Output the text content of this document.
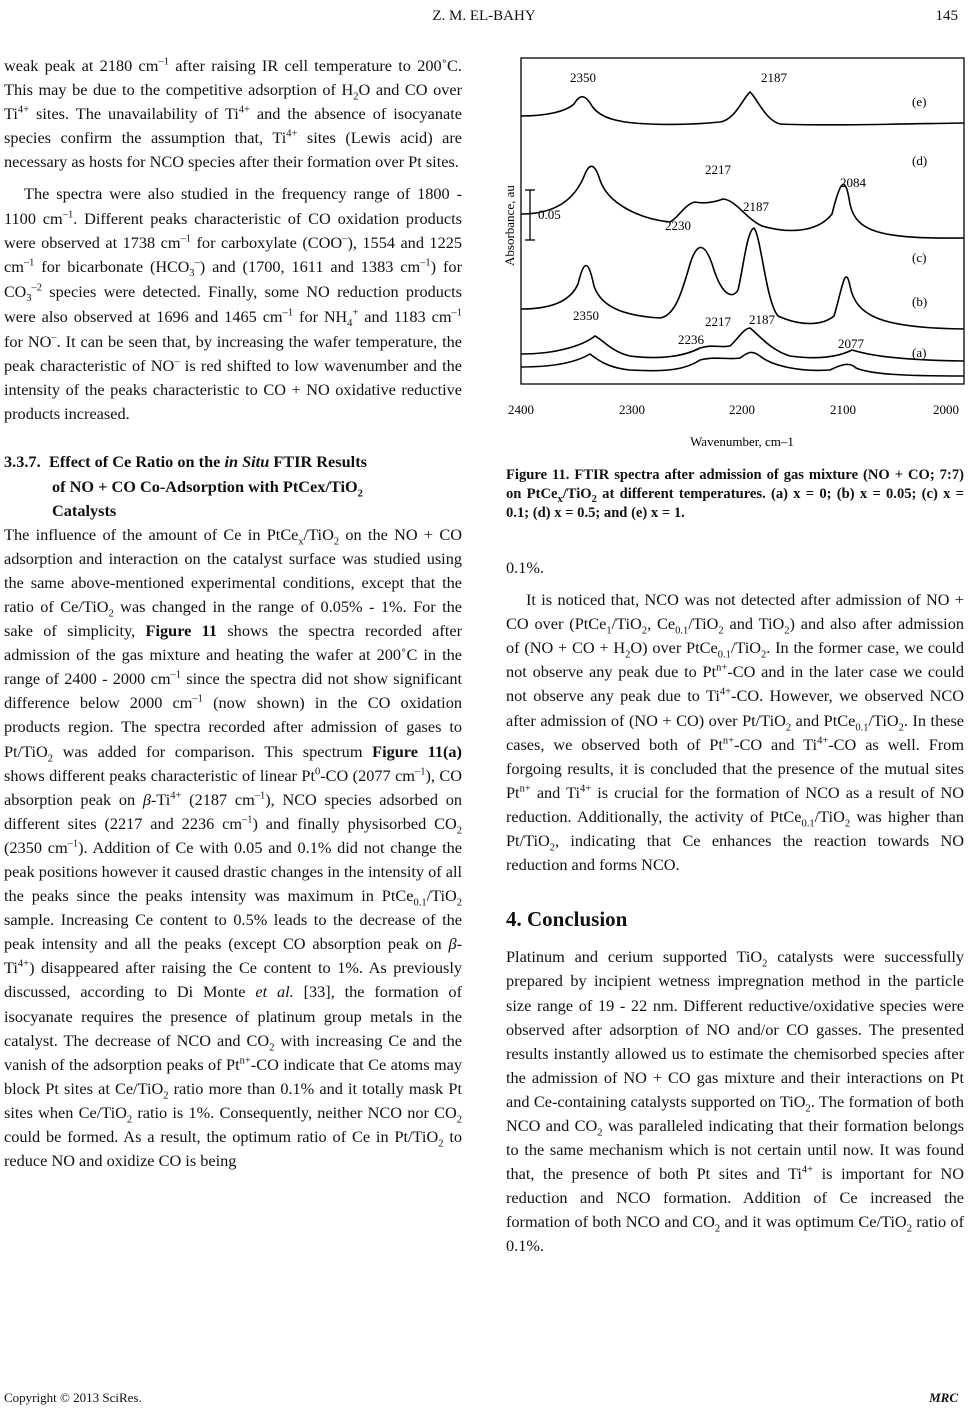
Z. M. EL-BAHY	145

weak peak at 2180 $cm^{-1}$ after raising IR cell temperature to 200˚C. This may be due to the competitive adsorption of $H_2O$ and CO over $Ti^{4+}$ sites. The unavailability of $Ti^{4+}$ and the absence of isocyanate species confirm the assumption that, $Ti^{4+}$ sites (Lewis acid) are necessary as hosts for NCO species after their formation over Pt sites.

The spectra were also studied in the frequency range of 1800 - 1100 $cm^{-1}$. Different peaks characteristic of CO oxidation products were observed at 1738 $cm^{-1}$ for carboxylate (COO–), 1554 and 1225 $cm^{-1}$ for bicarbonate $(HCO_3^-)$ and (1700, 1611 and 1383 $cm^{-1}$) for $CO_3^{-2}$ species were detected. Finally, some NO reduction products were also observed at 1696 and 1465 $cm^{-1}$ for $NH_4^+$ and 1183 $cm^{-1}$ for NO–. It can be seen that, by increasing the wafer temperature, the peak characteristic of NO– is red shifted to low wavenumber and the intensity of the peaks characteristic to CO + NO oxidative reductive products increased.

3.3.7. Effect of Ce Ratio on the in Situ FTIR Results
of NO + CO Co-Adsorption with PtCex/TiO$_2$
Catalysts

The influence of the amount of Ce in PtCe$_x$/TiO$_2$ on the NO + CO adsorption and interaction on the catalyst surface was studied using the same above-mentioned experimental conditions, except that the ratio of Ce/TiO$_2$ was changed in the range of 0.05% - 1%. For the sake of simplicity, Figure 11 shows the spectra recorded after admission of the gas mixture and heating the wafer at 200˚C in the range of 2400 - 2000 $cm^{-1}$ since the spectra did not show significant difference below 2000 $cm^{-1}$ (now shown) in the CO oxidation products region. The spectra recorded after admission of gases to Pt/TiO$_2$ was added for comparison. This spectrum Figure 11(a) shows different peaks characteristic of linear Pt$^0$-CO (2077 $cm^{-1}$), CO absorption peak on $\beta-Ti^{4+}$ (2187 $cm^{-1}$), NCO species adsorbed on different sites (2217 and 2236 $cm^{-1}$) and finally physisorbed $CO_2$ (2350 $cm^{-1}$). Addition of Ce with 0.05 and 0.1% did not change the peak positions however it caused drastic changes in the intensity of all the peaks since the peaks intensity was maximum in PtCe$_{0.1}$/TiO$_2$ sample. Increasing Ce content to 0.5% leads to the decrease of the peak intensity and all the peaks (except CO absorption peak on $\beta-Ti^{4+}$) disappeared after raising the Ce content to 1%. As previously discussed, according to Di Monte et al. [33], the formation of isocyanate requires the presence of platinum group metals in the catalyst. The decrease of NCO and $CO_2$ with increasing Ce and the vanish of the adsorption peaks of $Pt^{n+}-CO$ indicate that Ce atoms may block Pt sites at Ce/TiO$_2$ ratio more than 0.1% and it totally mask Pt sites when Ce/TiO$_2$ ratio is 1%. Consequently, neither NCO nor $CO_2$ could be formed. As a result, the optimum ratio of Ce in Pt/TiO$_2$ to reduce NO and oxidize CO is being

0.05
2350	2187
2217
2084
2187
2230
2350	2217 2187
2236	2077
(e)
(d)
(c)
(b)
(a)
Absorbance, au
2400	2300	2200	2100	2000
Wavenumber, cm–1
Figure 11. FTIR spectra after admission of gas mixture (NO + CO; 7:7) on PtCe$_x$/TiO$_2$ at different temperatures. (a) x = 0; (b) x = 0.05; (c) x = 0.1; (d) x = 0.5; and (e) x = 1.

0.1%.

It is noticed that, NCO was not detected after admission of NO + CO over (PtCe$_1$/TiO$_2$, $Ce_{0.1}/TiO_2$ and TiO$_2$) and also after admission of (NO + CO + $H_2O$) over PtCe$_{0.1}$/TiO$_2$. In the former case, we could not observe any peak due to $Pt^{n+}-CO$ and in the later case we could not observe any peak due to $Ti^{4+}-CO$. However, we observed NCO after admission of (NO + CO) over Pt/TiO$_2$ and PtCe$_{0.1}$/TiO$_2$. In these cases, we observed both of $Pt^{n+}-CO$ and $Ti^{4+}-CO$ as well. From forgoing results, it is concluded that the presence of the mutual sites $Pt^{n+}$ and $Ti^{4+}$ is crucial for the formation of NCO as a result of NO reduction. Additionally, the activity of PtCe$_{0.1}$/TiO$_2$ was higher than Pt/TiO$_2$, indicating that Ce enhances the reaction towards NO reduction and forms NCO.

4. Conclusion

Platinum and cerium supported TiO$_2$ catalysts were successfully prepared by incipient wetness impregnation method in the particle size range of 19 - 22 nm. Different reductive/oxidative species were observed after adsorption of NO and/or CO gasses. The presented results instantly allowed us to estimate the chemisorbed species after the admission of NO + CO gas mixture and their interactions on Pt and Ce-containing catalysts supported on TiO$_2$. The formation of both NCO and $CO_2$ was paralleled indicating that their formation belongs to the same mechanism which is not certain until now. It was found that, the presence of both Pt sites and $Ti^{4+}$ is important for NO reduction and NCO formation. Addition of Ce increased the formation of both NCO and $CO_2$ and it was optimum Ce/TiO$_2$ ratio of 0.1%.

Copyright © 2013 SciRes.	MRC
